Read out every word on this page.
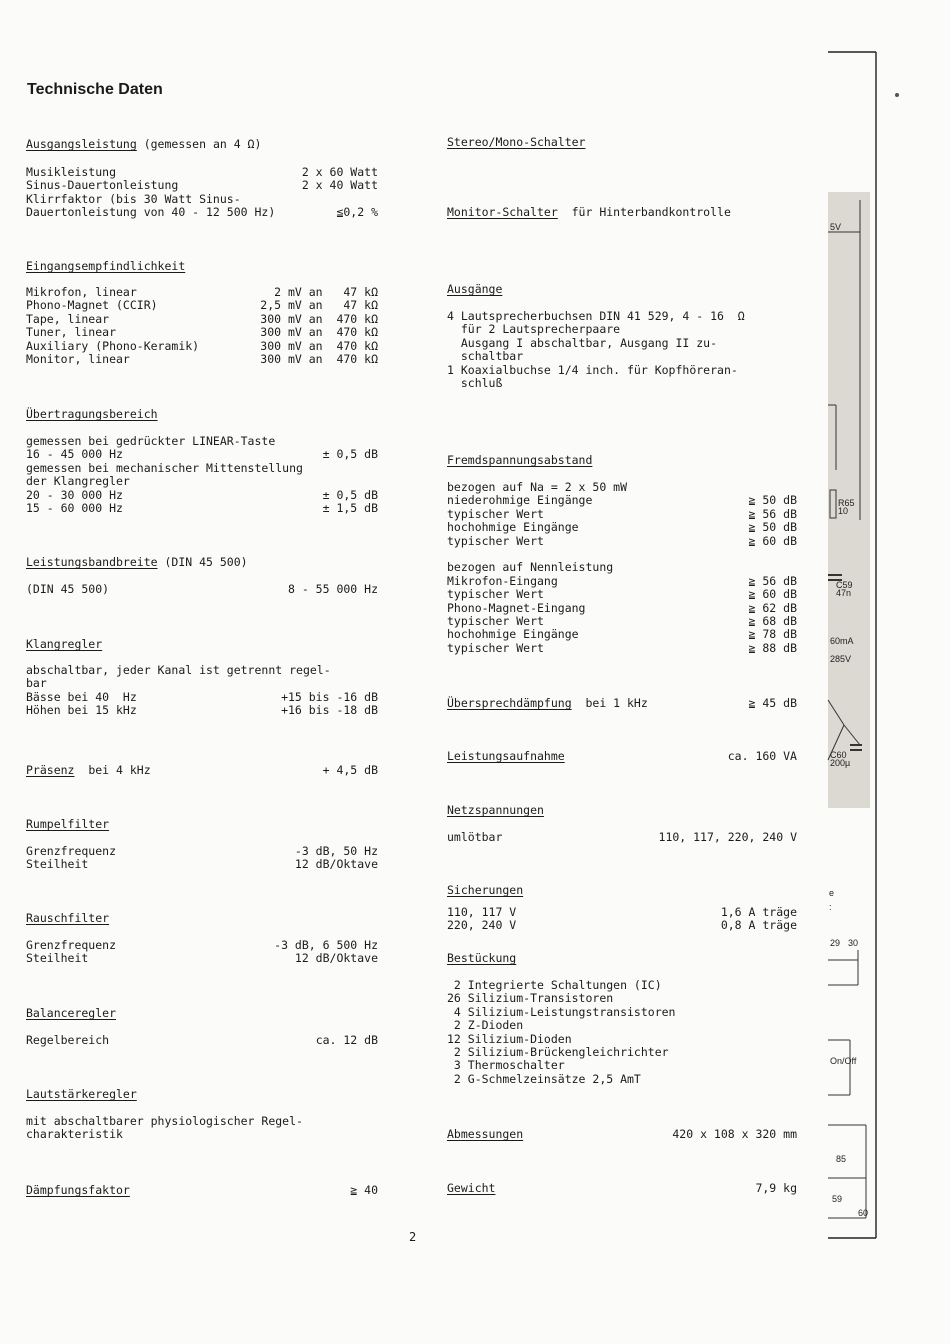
Technische Daten
Ausgangsleistung (gemessen an 4 Ω)
Musikleistung	2 x 60 Watt
Sinus-Dauertonleistung	2 x 40 Watt
Klirrfaktor (bis 30 Watt Sinus-
Dauertonleistung von 40 - 12 500 Hz)	≦0,2 %
Eingangsempfindlichkeit
Mikrofon, linear	2 mV an   47 kΩ
Phono-Magnet (CCIR)	2,5 mV an   47 kΩ
Tape, linear	300 mV an  470 kΩ
Tuner, linear	300 mV an  470 kΩ
Auxiliary (Phono-Keramik)	300 mV an  470 kΩ
Monitor, linear	300 mV an  470 kΩ
Übertragungsbereich
gemessen bei gedrückter LINEAR-Taste
16 - 45 000 Hz	± 0,5 dB
gemessen bei mechanischer Mittenstellung
der Klangregler
20 - 30 000 Hz	± 0,5 dB
15 - 60 000 Hz	± 1,5 dB
Leistungsbandbreite (DIN 45 500)
(DIN 45 500)	8 - 55 000 Hz
Klangregler
abschaltbar, jeder Kanal ist getrennt regel-
bar
Bässe bei 40  Hz	+15 bis -16 dB
Höhen bei 15 kHz	+16 bis -18 dB
Präsenz  bei 4 kHz	+ 4,5 dB
Rumpelfilter
Grenzfrequenz	-3 dB, 50 Hz
Steilheit	12 dB/Oktave
Rauschfilter
Grenzfrequenz	-3 dB, 6 500 Hz
Steilheit	12 dB/Oktave
Balanceregler
Regelbereich	ca. 12 dB
Lautstärkeregler
mit abschaltbarer physiologischer Regel-
charakteristik
Dämpfungsfaktor	≧ 40
Stereo/Mono-Schalter
Monitor-Schalter  für Hinterbandkontrolle
Ausgänge
4 Lautsprecherbuchsen DIN 41 529, 4 - 16  Ω
für 2 Lautsprecherpaare
Ausgang I abschaltbar, Ausgang II zu-
schaltbar
1 Koaxialbuchse 1/4 inch. für Kopfhöreran-
schluß
Fremdspannungsabstand
bezogen auf Na = 2 x 50 mW
niederohmige Eingänge	≧ 50 dB
typischer Wert	≧ 56 dB
hochohmige Eingänge	≧ 50 dB
typischer Wert	≧ 60 dB
bezogen auf Nennleistung
Mikrofon-Eingang	≧ 56 dB
typischer Wert	≧ 60 dB
Phono-Magnet-Eingang	≧ 62 dB
typischer Wert	≧ 68 dB
hochohmige Eingänge	≧ 78 dB
typischer Wert	≧ 88 dB
Übersprechdämpfung  bei 1 kHz	≧ 45 dB
Leistungsaufnahme	ca. 160 VA
Netzspannungen
umlötbar	110, 117, 220, 240 V
Sicherungen
110, 117 V	1,6 A träge
220, 240 V	0,8 A träge
Bestückung
2 Integrierte Schaltungen (IC)
26 Silizium-Transistoren
4 Silizium-Leistungstransistoren
2 Z-Dioden
12 Silizium-Dioden
2 Silizium-Brückengleichrichter
3 Thermoschalter
2 G-Schmelzeinsätze 2,5 AmT
Abmessungen	420 x 108 x 320 mm
Gewicht	7,9 kg
2
5V
R65
10
C59
47n
60mA
285V
C60
200µ
e
:
29 30
On/Off
85
59
60
